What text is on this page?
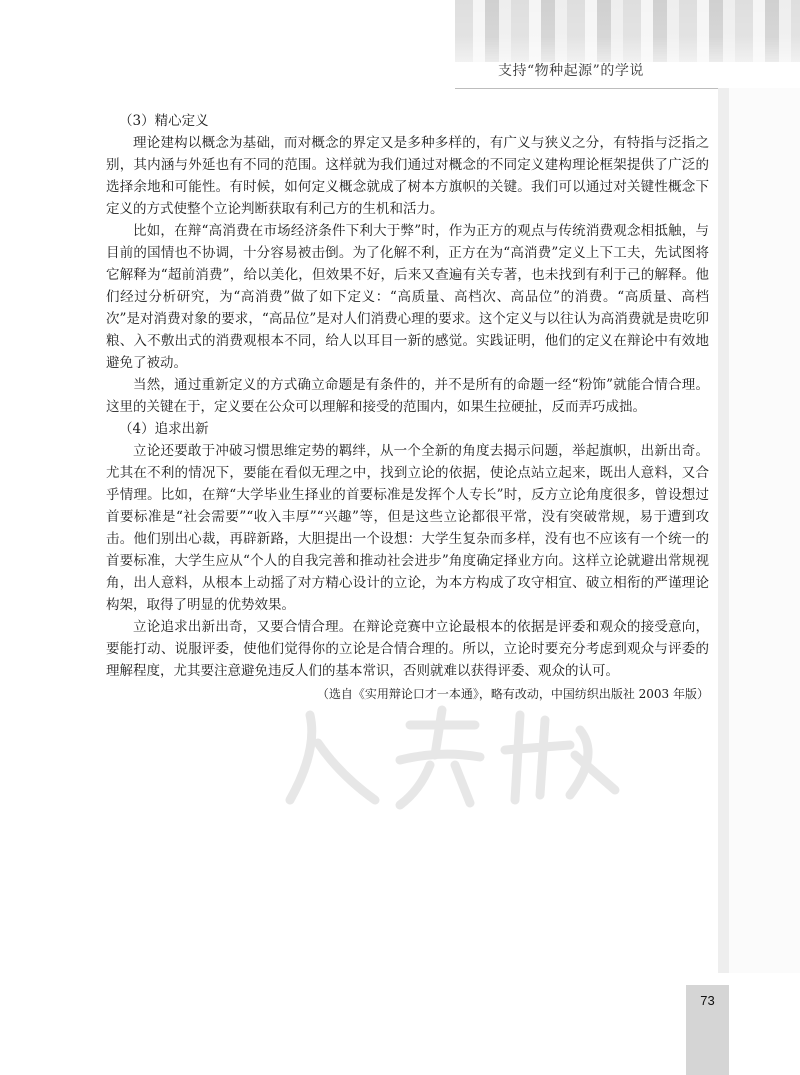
支持“物种起源”的学说

（3）精心定义

理论建构以概念为基础，而对概念的界定又是多种多样的，有广义与狭义之分，有特指与泛指之别，其内涵与外延也有不同的范围。这样就为我们通过对概念的不同定义建构理论框架提供了广泛的选择余地和可能性。有时候，如何定义概念就成了树本方旗帜的关键。我们可以通过对关键性概念下定义的方式使整个立论判断获取有利己方的生机和活力。

比如，在辩“高消费在市场经济条件下利大于弊”时，作为正方的观点与传统消费观念相抵触，与目前的国情也不协调，十分容易被击倒。为了化解不利，正方在为“高消费”定义上下工夫，先试图将它解释为“超前消费”，给以美化，但效果不好，后来又查遍有关专著，也未找到有利于己的解释。他们经过分析研究，为“高消费”做了如下定义：“高质量、高档次、高品位”的消费。“高质量、高档次”是对消费对象的要求，“高品位”是对人们消费心理的要求。这个定义与以往认为高消费就是贵吃卯粮、入不敷出式的消费观根本不同，给人以耳目一新的感觉。实践证明，他们的定义在辩论中有效地避免了被动。

当然，通过重新定义的方式确立命题是有条件的，并不是所有的命题一经“粉饰”就能合情合理。这里的关键在于，定义要在公众可以理解和接受的范围内，如果生拉硬扯，反而弄巧成拙。

（4）追求出新

立论还要敢于冲破习惯思维定势的羁绊，从一个全新的角度去揭示问题，举起旗帜，出新出奇。尤其在不利的情况下，要能在看似无理之中，找到立论的依据，使论点站立起来，既出人意料，又合乎情理。比如，在辩“大学毕业生择业的首要标准是发挥个人专长”时，反方立论角度很多，曾设想过首要标准是“社会需要”“收入丰厚”“兴趣”等，但是这些立论都很平常，没有突破常规，易于遭到攻击。他们别出心裁，再辟新路，大胆提出一个设想：大学生复杂而多样，没有也不应该有一个统一的首要标准，大学生应从“个人的自我完善和推动社会进步”角度确定择业方向。这样立论就避出常规视角，出人意料，从根本上动摇了对方精心设计的立论，为本方构成了攻守相宜、破立相衔的严谨理论构架，取得了明显的优势效果。

立论追求出新出奇，又要合情合理。在辩论竞赛中立论最根本的依据是评委和观众的接受意向，要能打动、说服评委，使他们觉得你的立论是合情合理的。所以，立论时要充分考虑到观众与评委的理解程度，尤其要注意避免违反人们的基本常识，否则就难以获得评委、观众的认可。

（选自《实用辩论口才一本通》，略有改动，中国纺织出版社 2003 年版）

73
